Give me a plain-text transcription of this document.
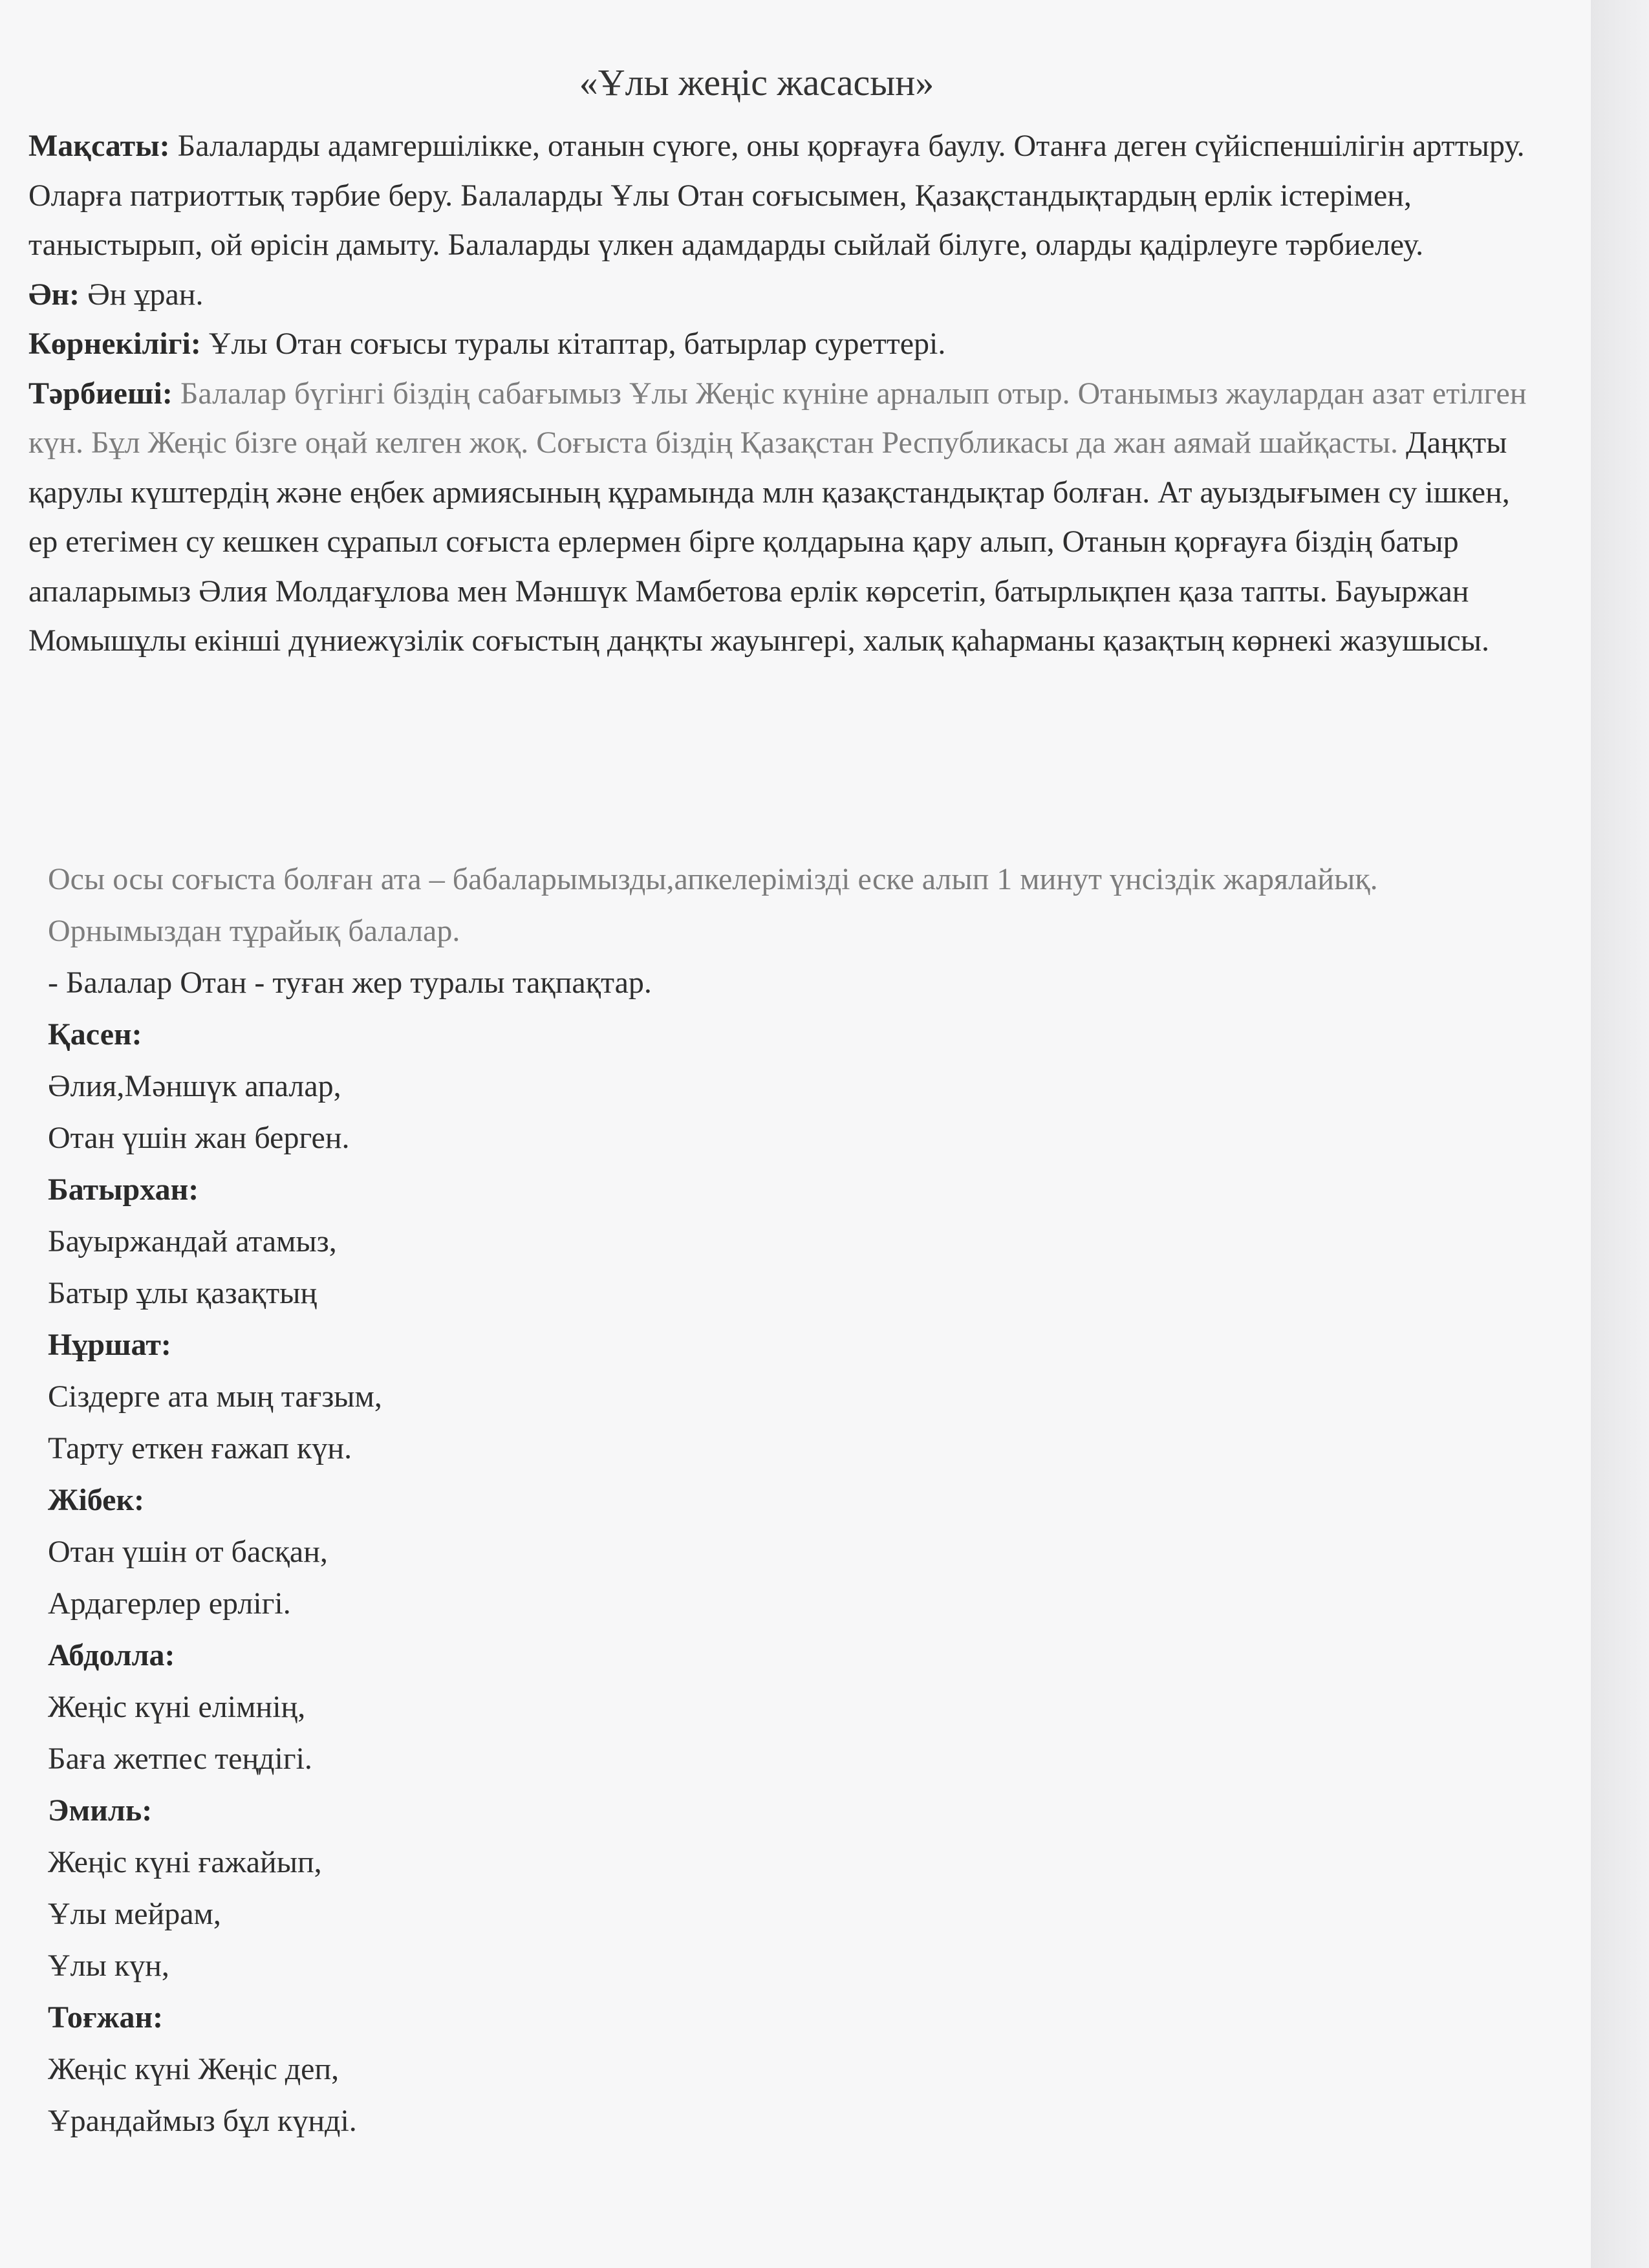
«Ұлы жеңіс жасасын»

Мақсаты: Балаларды адамгершілікке, отанын сүюге, оны қорғауға баулу. Отанға деген сүйіспеншілігін арттыру. Оларға патриоттық тәрбие беру. Балаларды Ұлы Отан соғысымен, Қазақстандықтардың ерлік істерімен, таныстырып, ой өрісін дамыту. Балаларды үлкен адамдарды сыйлай білуге, оларды қадірлеуге тәрбиелеу.

Ән: Ән ұран.

Көрнекілігі: Ұлы Отан соғысы туралы кітаптар, батырлар суреттері.

Тәрбиеші: Балалар бүгінгі біздің сабағымыз Ұлы Жеңіс күніне арналып отыр. Отанымыз жаулардан азат етілген күн. Бұл Жеңіс бізге оңай келген жоқ. Соғыста біздің Қазақстан Республикасы да жан аямай шайқасты. Даңқты қарулы күштердің және еңбек армиясының құрамында млн қазақстандықтар болған. Ат ауыздығымен су ішкен, ер етегімен су кешкен сұрапыл соғыста ерлермен бірге қолдарына қару алып, Отанын қорғауға біздің батыр апаларымыз Әлия Молдағұлова мен Мәншүк Мамбетова ерлік көрсетіп, батырлықпен қаза тапты. Бауыржан Момышұлы екінші дүниежүзілік соғыстың даңқты жауынгері, халық қаһарманы қазақтың көрнекі жазушысы.

Осы осы соғыста болған ата – бабаларымызды,апкелерімізді еске алып 1 минут үнсіздік жарялайық. Орнымыздан тұрайық балалар.

- Балалар Отан - туған жер туралы тақпақтар.

Қасен:

Әлия,Мәншүк апалар,

Отан үшін жан берген.

Батырхан:

Бауыржандай атамыз,

Батыр ұлы қазақтың

Нұршат:

Сіздерге ата мың тағзым,

Тарту еткен ғажап күн.

Жібек:

Отан үшін от басқан,

Ардагерлер ерлігі.

Абдолла:

Жеңіс күні елімнің,

Баға жетпес теңдігі.

Эмиль:

Жеңіс күні ғажайып,

Ұлы мейрам,

Ұлы күн,

Тоғжан:

Жеңіс күні Жеңіс деп,

Ұрандаймыз бұл күнді.
